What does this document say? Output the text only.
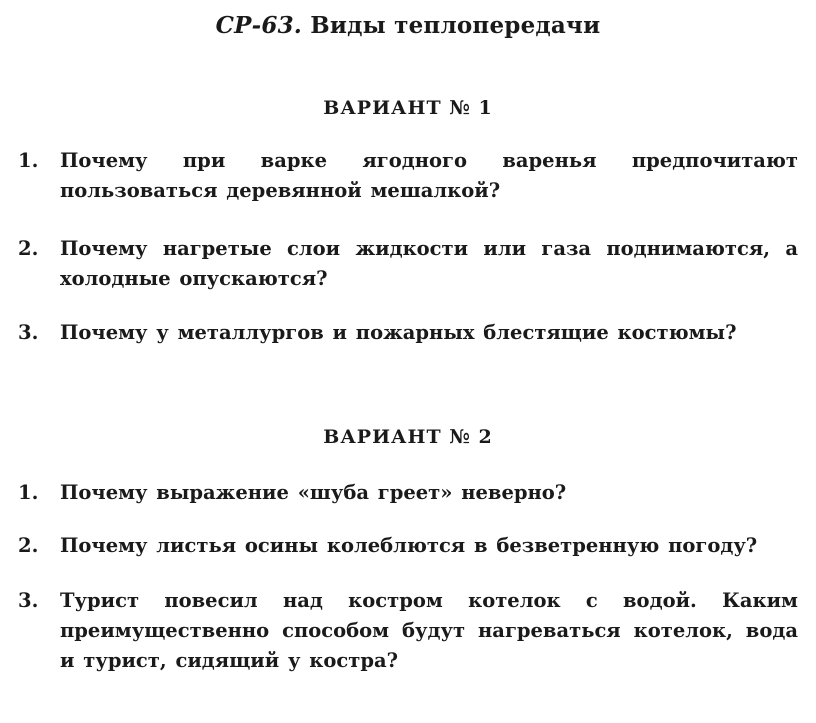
СР-63. Виды теплопередачи
ВАРИАНТ № 1
1.	Почему при варке ягодного варенья предпочитают пользоваться деревянной мешалкой?
2.	Почему нагретые слои жидкости или газа поднимаются, а холодные опускаются?
3.	Почему у металлургов и пожарных блестящие костюмы?
ВАРИАНТ № 2
1.	Почему выражение «шуба греет» неверно?
2.	Почему листья осины колеблются в безветренную погоду?
3.	Турист повесил над костром котелок с водой. Каким преимущественно способом будут нагреваться котелок, вода и турист, сидящий у костра?
